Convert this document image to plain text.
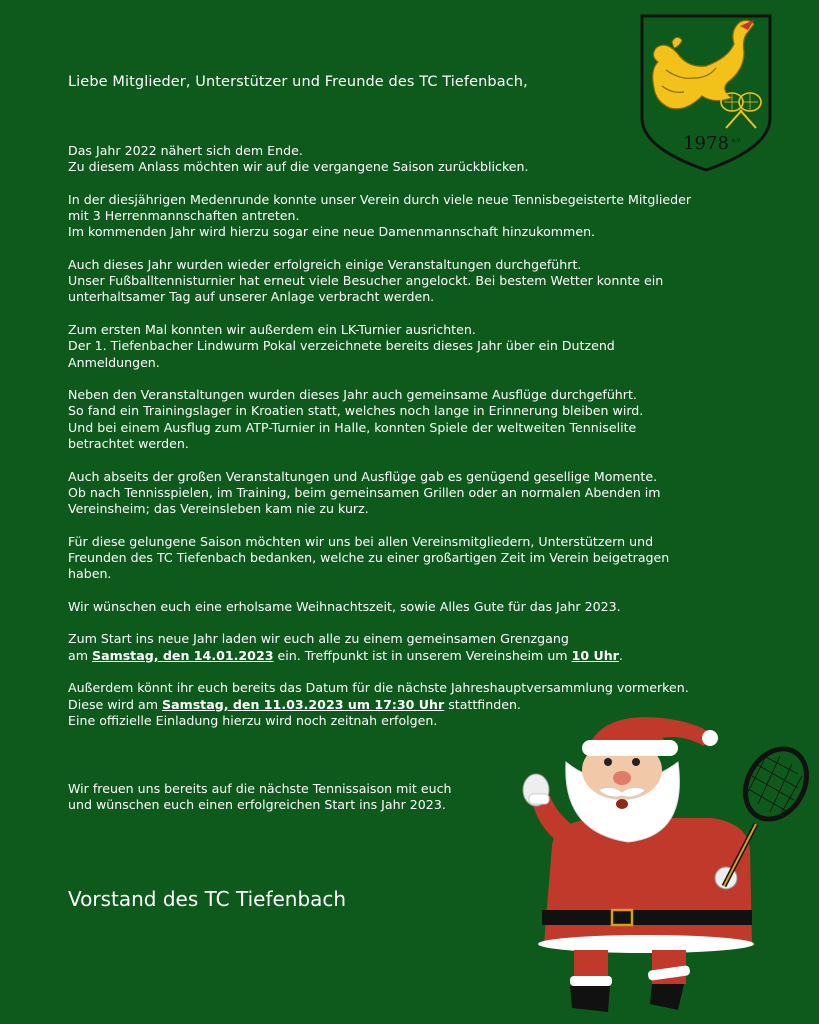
Liebe Mitglieder, Unterstützer und Freunde des TC Tiefenbach,

Das Jahr 2022 nähert sich dem Ende.
Zu diesem Anlass möchten wir auf die vergangene Saison zurückblicken.

In der diesjährigen Medenrunde konnte unser Verein durch viele neue Tennisbegeisterte Mitglieder
mit 3 Herrenmannschaften antreten.
Im kommenden Jahr wird hierzu sogar eine neue Damenmannschaft hinzukommen.

Auch dieses Jahr wurden wieder erfolgreich einige Veranstaltungen durchgeführt.
Unser Fußballtennisturnier hat erneut viele Besucher angelockt. Bei bestem Wetter konnte ein
unterhaltsamer Tag auf unserer Anlage verbracht werden.

Zum ersten Mal konnten wir außerdem ein LK-Turnier ausrichten.
Der 1. Tiefenbacher Lindwurm Pokal verzeichnete bereits dieses Jahr über ein Dutzend
Anmeldungen.

Neben den Veranstaltungen wurden dieses Jahr auch gemeinsame Ausflüge durchgeführt.
So fand ein Trainingslager in Kroatien statt, welches noch lange in Erinnerung bleiben wird.
Und bei einem Ausflug zum ATP-Turnier in Halle, konnten Spiele der weltweiten Tenniselite
betrachtet werden.

Auch abseits der großen Veranstaltungen und Ausflüge gab es genügend gesellige Momente.
Ob nach Tennisspielen, im Training, beim gemeinsamen Grillen oder an normalen Abenden im
Vereinsheim; das Vereinsleben kam nie zu kurz.

Für diese gelungene Saison möchten wir uns bei allen Vereinsmitgliedern, Unterstützern und
Freunden des TC Tiefenbach bedanken, welche zu einer großartigen Zeit im Verein beigetragen
haben.

Wir wünschen euch eine erholsame Weihnachtszeit, sowie Alles Gute für das Jahr 2023.

Zum Start ins neue Jahr laden wir euch alle zu einem gemeinsamen Grenzgang
am Samstag, den 14.01.2023 ein. Treffpunkt ist in unserem Vereinsheim um 10 Uhr.

Außerdem könnt ihr euch bereits das Datum für die nächste Jahreshauptversammlung vormerken.
Diese wird am Samstag, den 11.03.2023 um 17:30 Uhr stattfinden.
Eine offizielle Einladung hierzu wird noch zeitnah erfolgen.

Wir freuen uns bereits auf die nächste Tennissaison mit euch
und wünschen euch einen erfolgreichen Start ins Jahr 2023.
Vorstand des TC Tiefenbach
1978 e.V.
